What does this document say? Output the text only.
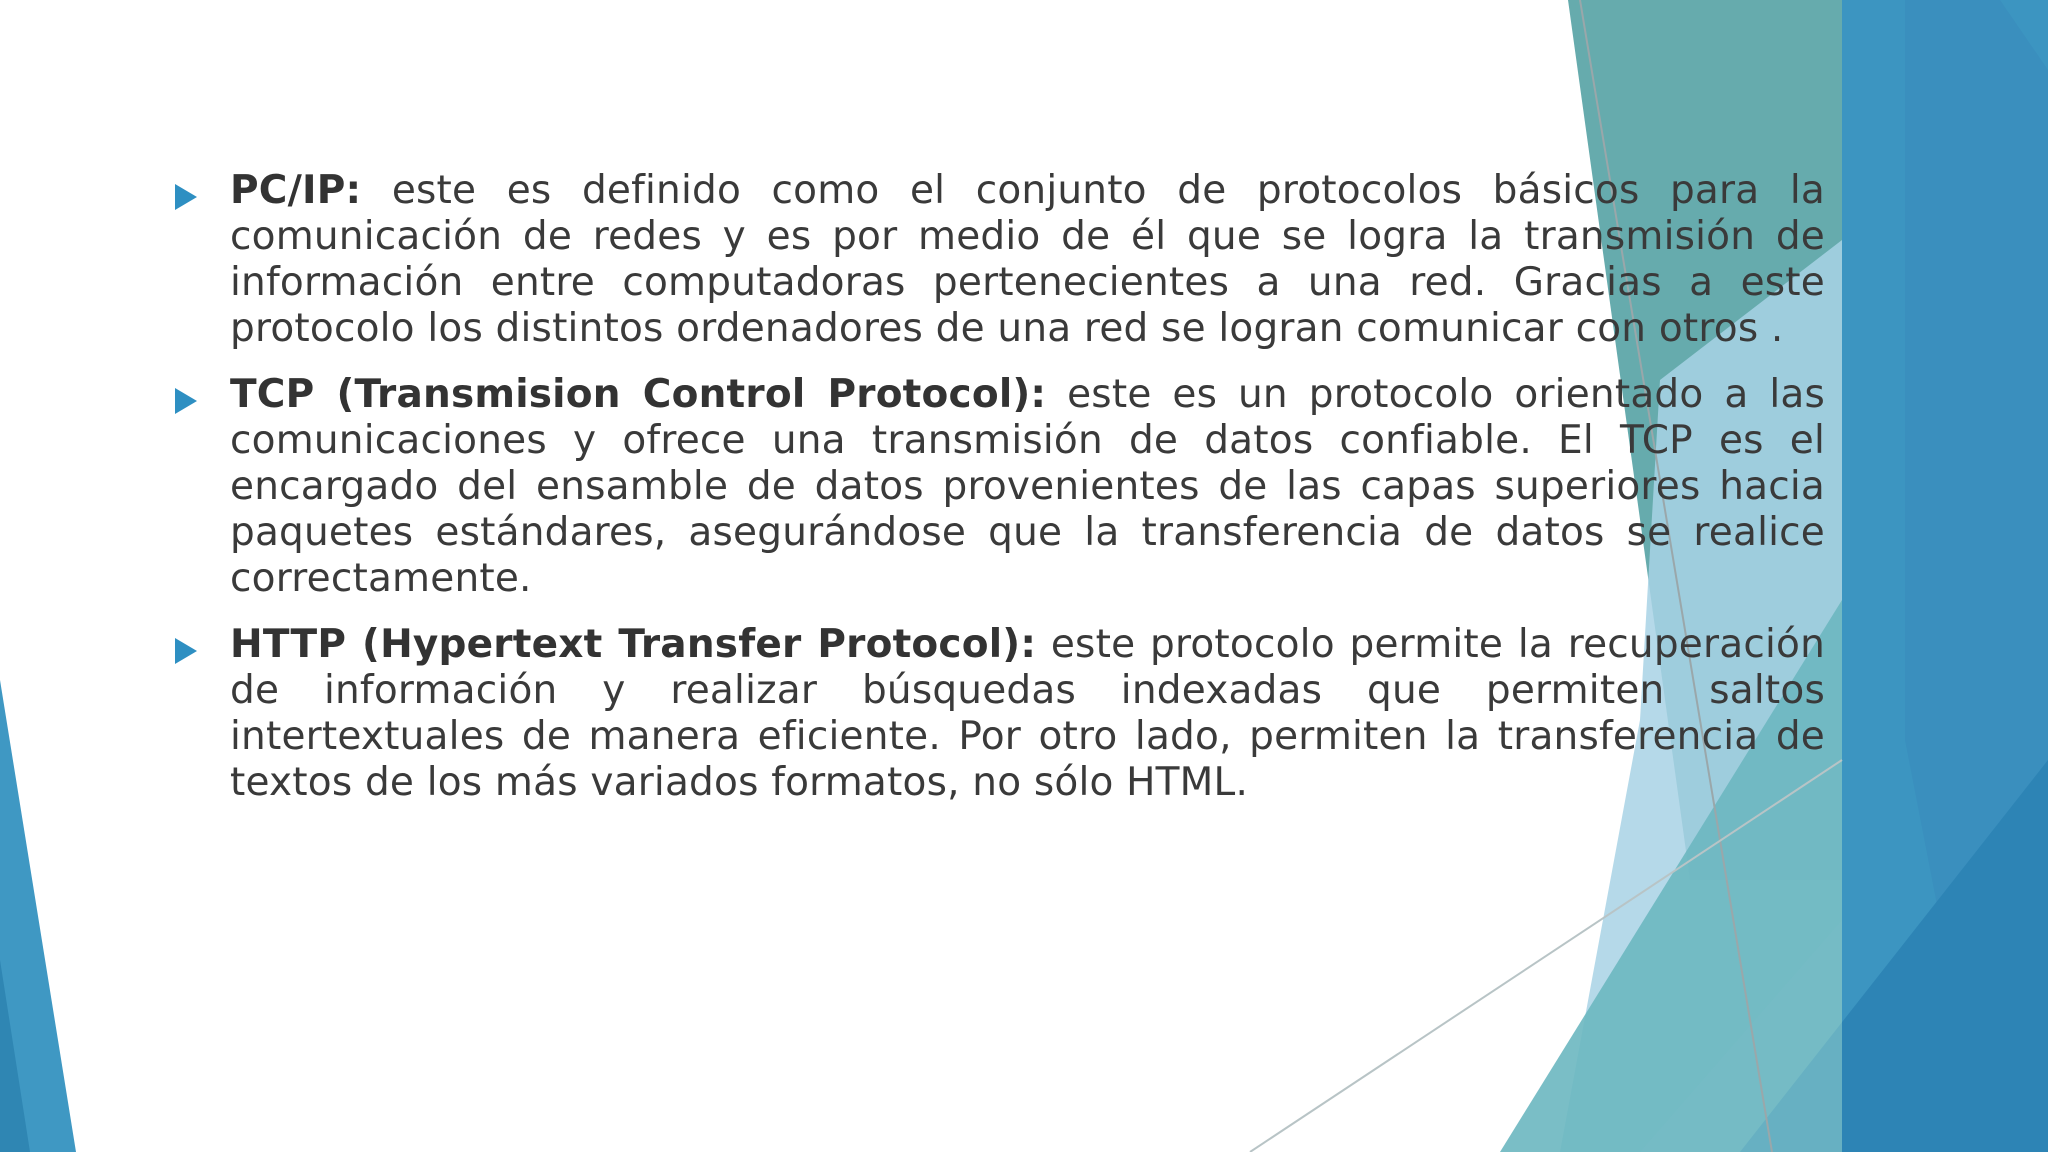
PC/IP: este es definido como el conjunto de protocolos básicos para la comunicación de redes y es por medio de él que se logra la transmisión de información entre computadoras pertenecientes a una red. Gracias a este protocolo los distintos ordenadores de una red se logran comunicar con otros .

TCP (Transmision Control Protocol): este es un protocolo orientado a las comunicaciones y ofrece una transmisión de datos confiable. El TCP es el encargado del ensamble de datos provenientes de las capas superiores hacia paquetes estándares, asegurándose que la transferencia de datos se realice correctamente.

HTTP (Hypertext Transfer Protocol): este protocolo permite la recuperación de información y realizar búsquedas indexadas que permiten saltos intertextuales de manera eficiente. Por otro lado, permiten la transferencia de textos de los más variados formatos, no sólo HTML.
